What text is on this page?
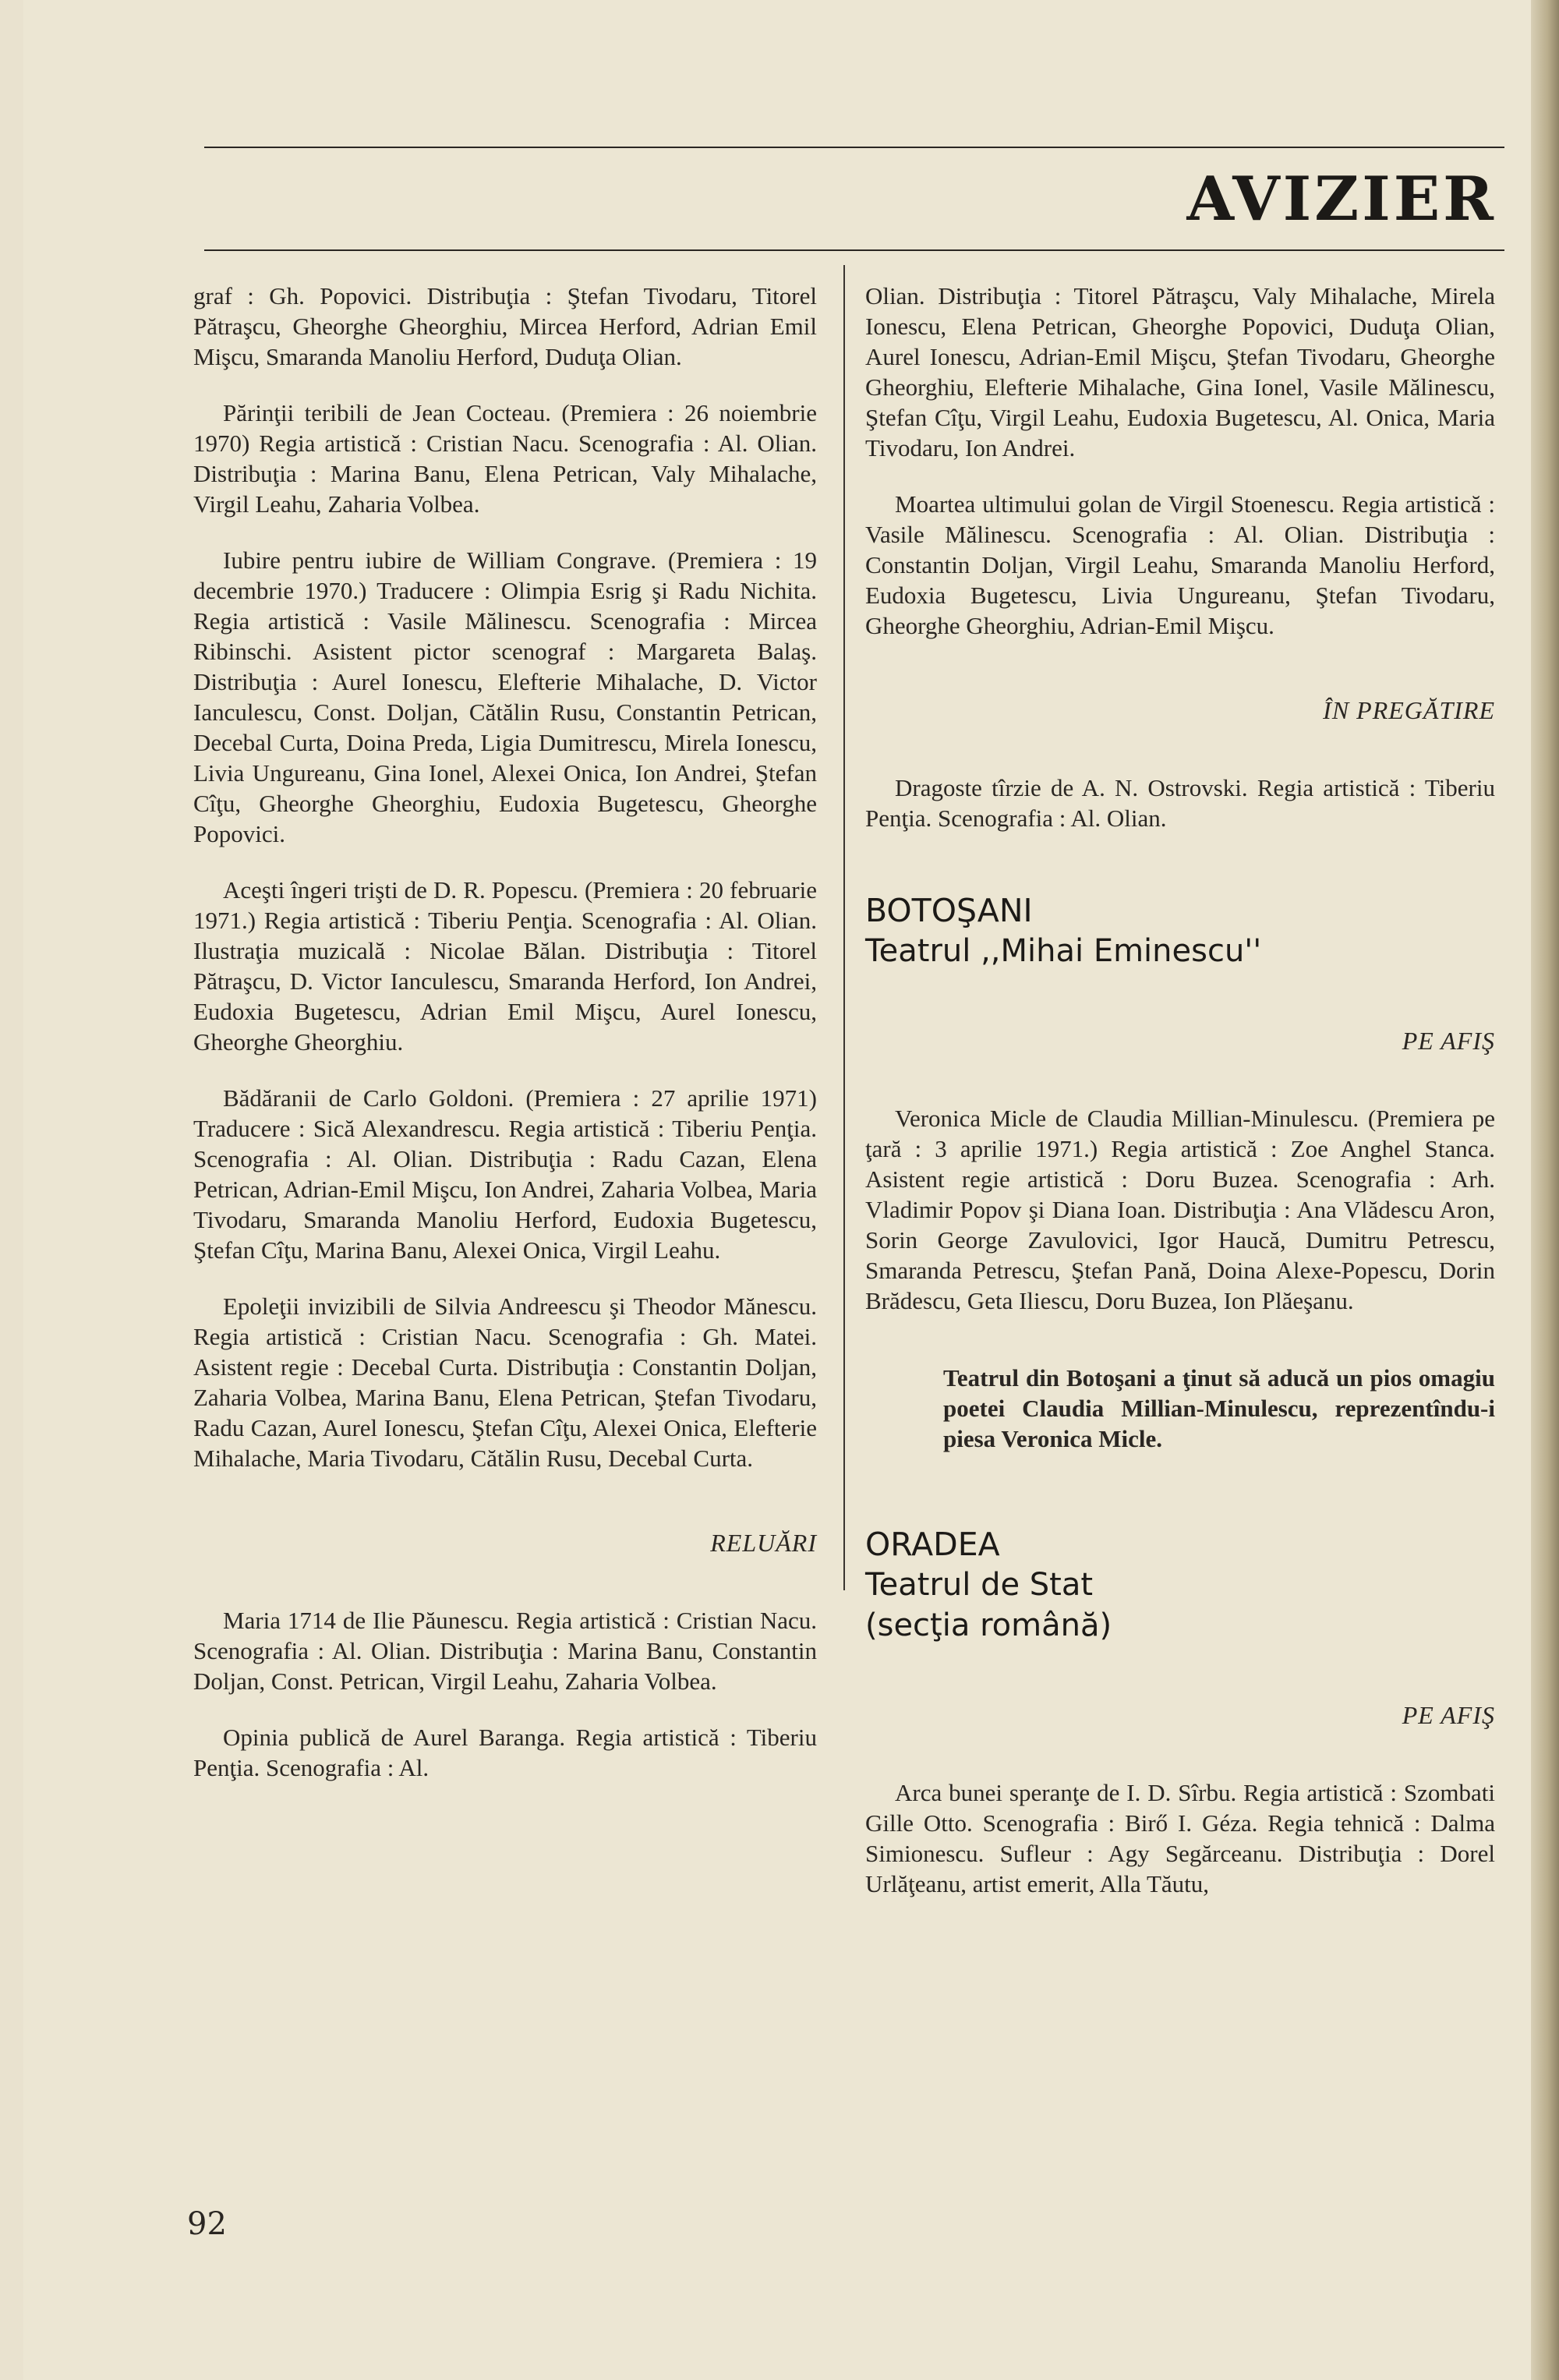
AVIZIER

graf : Gh. Popovici. Distribuţia : Ştefan Tivodaru, Titorel Pătraşcu, Gheorghe Gheorghiu, Mircea Herford, Adrian Emil Mişcu, Smaranda Manoliu Herford, Duduţa Olian.

Părinţii teribili de Jean Cocteau. (Premiera : 26 noiembrie 1970) Regia artistică : Cristian Nacu. Scenografia : Al. Olian. Distribuţia : Marina Banu, Elena Petrican, Valy Mihalache, Virgil Leahu, Zaharia Volbea.

Iubire pentru iubire de William Congrave. (Premiera : 19 decembrie 1970.) Traducere : Olimpia Esrig şi Radu Nichita. Regia artistică : Vasile Mălinescu. Scenografia : Mircea Ribinschi. Asistent pictor scenograf : Margareta Balaş. Distribuţia : Aurel Ionescu, Elefterie Mihalache, D. Victor Ianculescu, Const. Doljan, Cătălin Rusu, Constantin Petrican, Decebal Curta, Doina Preda, Ligia Dumitrescu, Mirela Ionescu, Livia Ungureanu, Gina Ionel, Alexei Onica, Ion Andrei, Ştefan Cîţu, Gheorghe Gheorghiu, Eudoxia Bugetescu, Gheorghe Popovici.

Aceşti îngeri trişti de D. R. Popescu. (Premiera : 20 februarie 1971.) Regia artistică : Tiberiu Penţia. Scenografia : Al. Olian. Ilustraţia muzicală : Nicolae Bălan. Distribuţia : Titorel Pătraşcu, D. Victor Ianculescu, Smaranda Herford, Ion Andrei, Eudoxia Bugetescu, Adrian Emil Mişcu, Aurel Ionescu, Gheorghe Gheorghiu.

Bădăranii de Carlo Goldoni. (Premiera : 27 aprilie 1971) Traducere : Sică Alexandrescu. Regia artistică : Tiberiu Penţia. Scenografia : Al. Olian. Distribuţia : Radu Cazan, Elena Petrican, Adrian-Emil Mişcu, Ion Andrei, Zaharia Volbea, Maria Tivodaru, Smaranda Manoliu Herford, Eudoxia Bugetescu, Ştefan Cîţu, Marina Banu, Alexei Onica, Virgil Leahu.

Epoleţii invizibili de Silvia Andreescu şi Theodor Mănescu. Regia artistică : Cristian Nacu. Scenografia : Gh. Matei. Asistent regie : Decebal Curta. Distribuţia : Constantin Doljan, Zaharia Volbea, Marina Banu, Elena Petrican, Ştefan Tivodaru, Radu Cazan, Aurel Ionescu, Ştefan Cîţu, Alexei Onica, Elefterie Mihalache, Maria Tivodaru, Cătălin Rusu, Decebal Curta.

RELUĂRI

Maria 1714 de Ilie Păunescu. Regia artistică : Cristian Nacu. Scenografia : Al. Olian. Distribuţia : Marina Banu, Constantin Doljan, Const. Petrican, Virgil Leahu, Zaharia Volbea.

Opinia publică de Aurel Baranga. Regia artistică : Tiberiu Penţia. Scenografia : Al.

Olian. Distribuţia : Titorel Pătraşcu, Valy Mihalache, Mirela Ionescu, Elena Petrican, Gheorghe Popovici, Duduţa Olian, Aurel Ionescu, Adrian-Emil Mişcu, Ştefan Tivodaru, Gheorghe Gheorghiu, Elefterie Mihalache, Gina Ionel, Vasile Mălinescu, Ştefan Cîţu, Virgil Leahu, Eudoxia Bugetescu, Al. Onica, Maria Tivodaru, Ion Andrei.

Moartea ultimului golan de Virgil Stoenescu. Regia artistică : Vasile Mălinescu. Scenografia : Al. Olian. Distribuţia : Constantin Doljan, Virgil Leahu, Smaranda Manoliu Herford, Eudoxia Bugetescu, Livia Ungureanu, Ştefan Tivodaru, Gheorghe Gheorghiu, Adrian-Emil Mişcu.

ÎN PREGĂTIRE

Dragoste tîrzie de A. N. Ostrovski. Regia artistică : Tiberiu Penţia. Scenografia : Al. Olian.

BOTOŞANI
Teatrul ,,Mihai Eminescu''
PE AFIŞ

Veronica Micle de Claudia Millian-Minulescu. (Premiera pe ţară : 3 aprilie 1971.) Regia artistică : Zoe Anghel Stanca. Asistent regie artistică : Doru Buzea. Scenografia : Arh. Vladimir Popov şi Diana Ioan. Distribuţia : Ana Vlădescu Aron, Sorin George Zavulovici, Igor Haucă, Dumitru Petrescu, Smaranda Petrescu, Ştefan Pană, Doina Alexe-Popescu, Dorin Brădescu, Geta Iliescu, Doru Buzea, Ion Plăeşanu.

Teatrul din Botoşani a ţinut să aducă un pios omagiu poetei Claudia Millian-Minulescu, reprezentîndu-i piesa Veronica Micle.

ORADEA
Teatrul de Stat
(secţia română)
PE AFIŞ

Arca bunei speranţe de I. D. Sîrbu. Regia artistică : Szombati Gille Otto. Scenografia : Birő I. Géza. Regia tehnică : Dalma Simionescu. Sufleur : Agy Segărceanu. Distribuţia : Dorel Urlăţeanu, artist emerit, Alla Tăutu,

92
